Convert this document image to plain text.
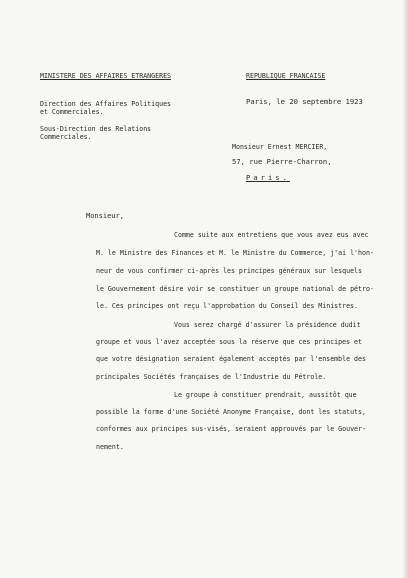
MINISTERE DES AFFAIRES ETRANGERES	REPUBLIQUE FRANCAISE
Direction des Affaires Politiques
et Commerciales.
Sous-Direction des Relations
Commerciales.
Paris, le 20 septembre 1923
Monsieur Ernest MERCIER,
57, rue Pierre-Charron,
Paris.
Monsieur,
Comme suite aux entretiens que vous avez eus avec
M. le Ministre des Finances et M. le Ministre du Commerce, j'ai l'hon-
neur de vous confirmer ci-après les principes généraux sur lesquels
le Gouvernement désire voir se constituer un groupe national de pétro-
le. Ces principes ont reçu l'approbation du Conseil des Ministres.
Vous serez chargé d'assurer la présidence dudit
groupe et vous l'avez acceptée sous la réserve que ces principes et
que votre désignation seraient également acceptés par l'ensemble des
principales Sociétés françaises de l'Industrie du Pétrole.
Le groupe à constituer prendrait, aussitôt que
possible la forme d'une Société Anonyme Française, dont les statuts,
conformes aux principes sus-visés, seraient approuvés par le Gouver-
nement.
